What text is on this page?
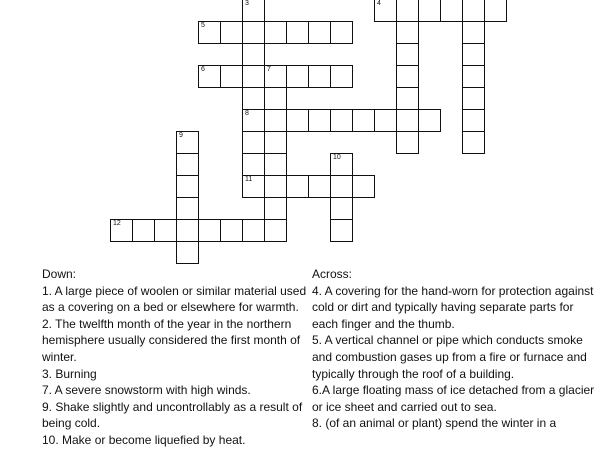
3
8
11
4
5
6	7
9
10
12

Down:

1. A large piece of woolen or similar material used as a covering on a bed or elsewhere for warmth.

2. The twelfth month of the year in the northern hemisphere usually considered the first month of winter.

3. Burning

7. A severe snowstorm with high winds.

9. Shake slightly and uncontrollably as a result of being cold.

10. Make or become liquefied by heat.

Across:

4. A covering for the hand-worn for protection against cold or dirt and typically having separate parts for each finger and the thumb.

5. A vertical channel or pipe which conducts smoke and combustion gases up from a fire or furnace and typically through the roof of a building.

6.A large floating mass of ice detached from a glacier or ice sheet and carried out to sea.

8. (of an animal or plant) spend the winter in a
